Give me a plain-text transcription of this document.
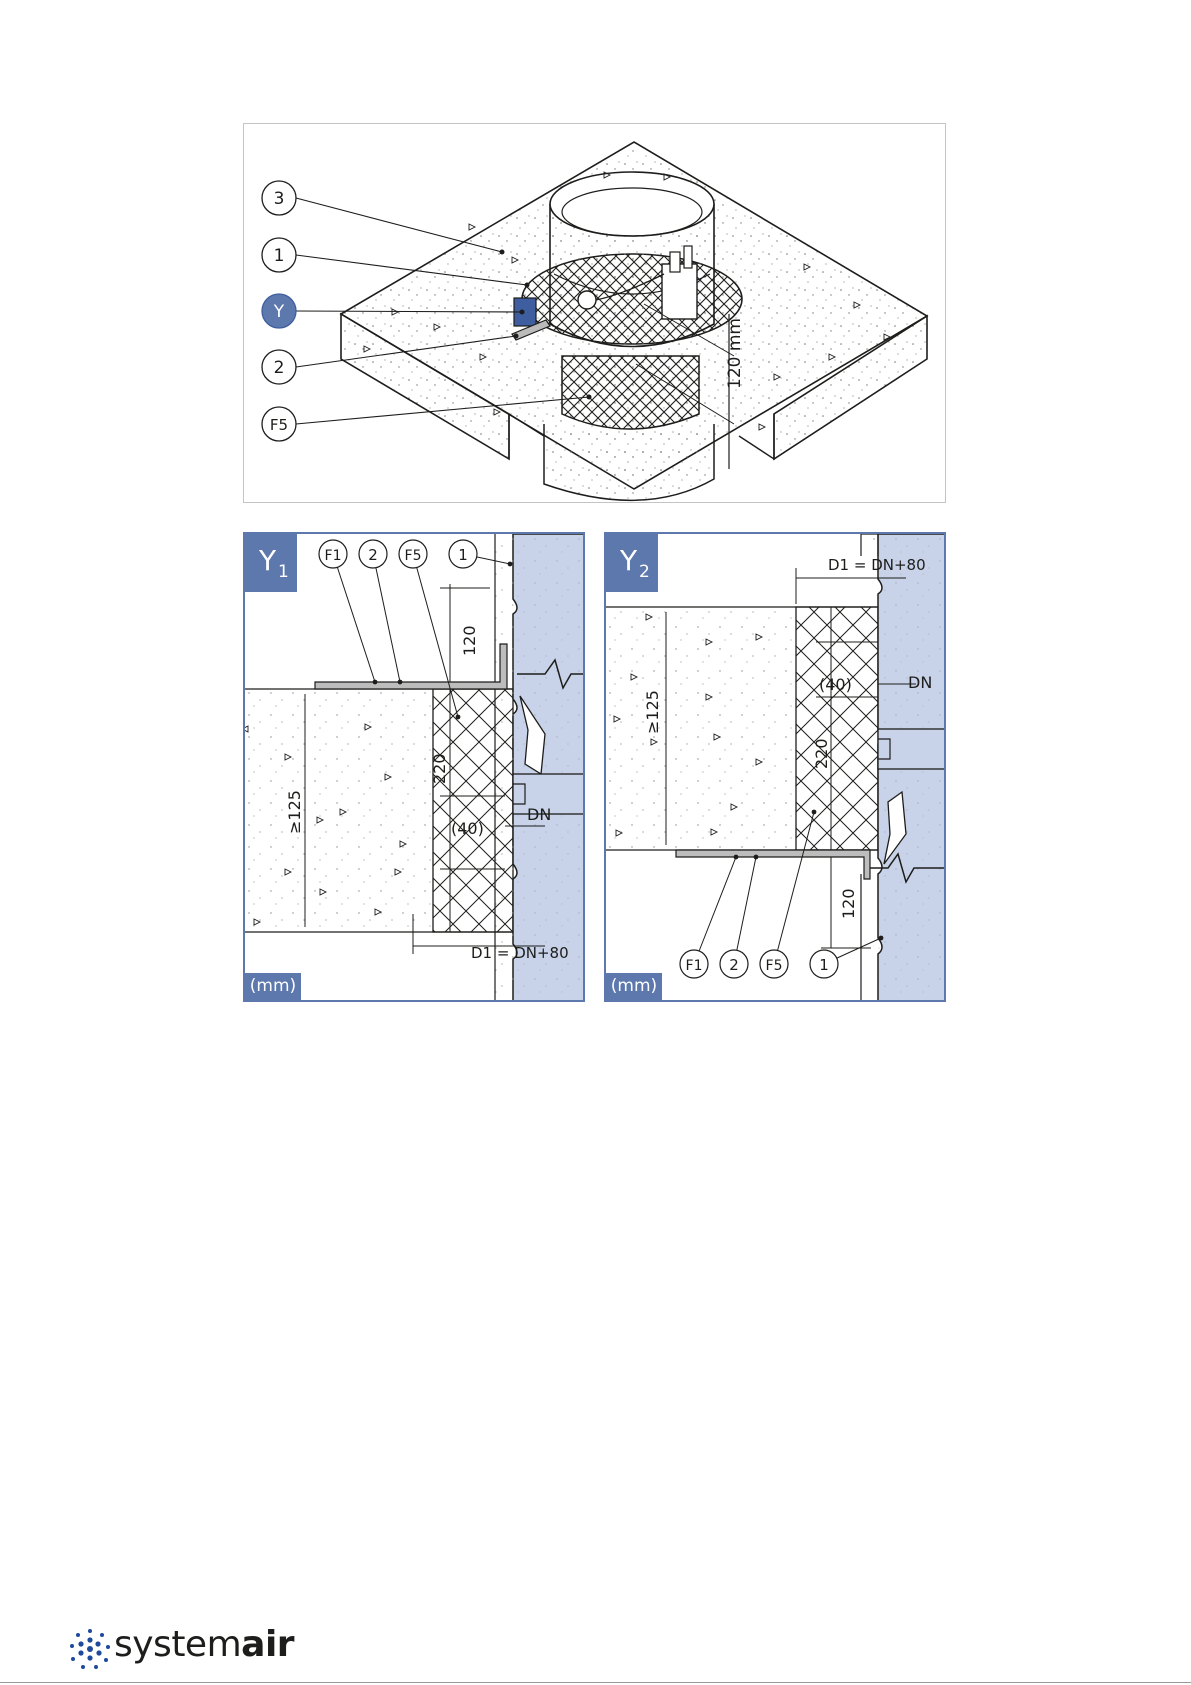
120 mm
3
1
Y
2
F5
≥125
120
220
(40)
DN
D1 = DN+80
F1 2 F5 1
Y 1
(mm)
≥125
220
120
(40)	DN
D1 = DN+80
F1 2 F5 1
Y 2
(mm)
systemair
